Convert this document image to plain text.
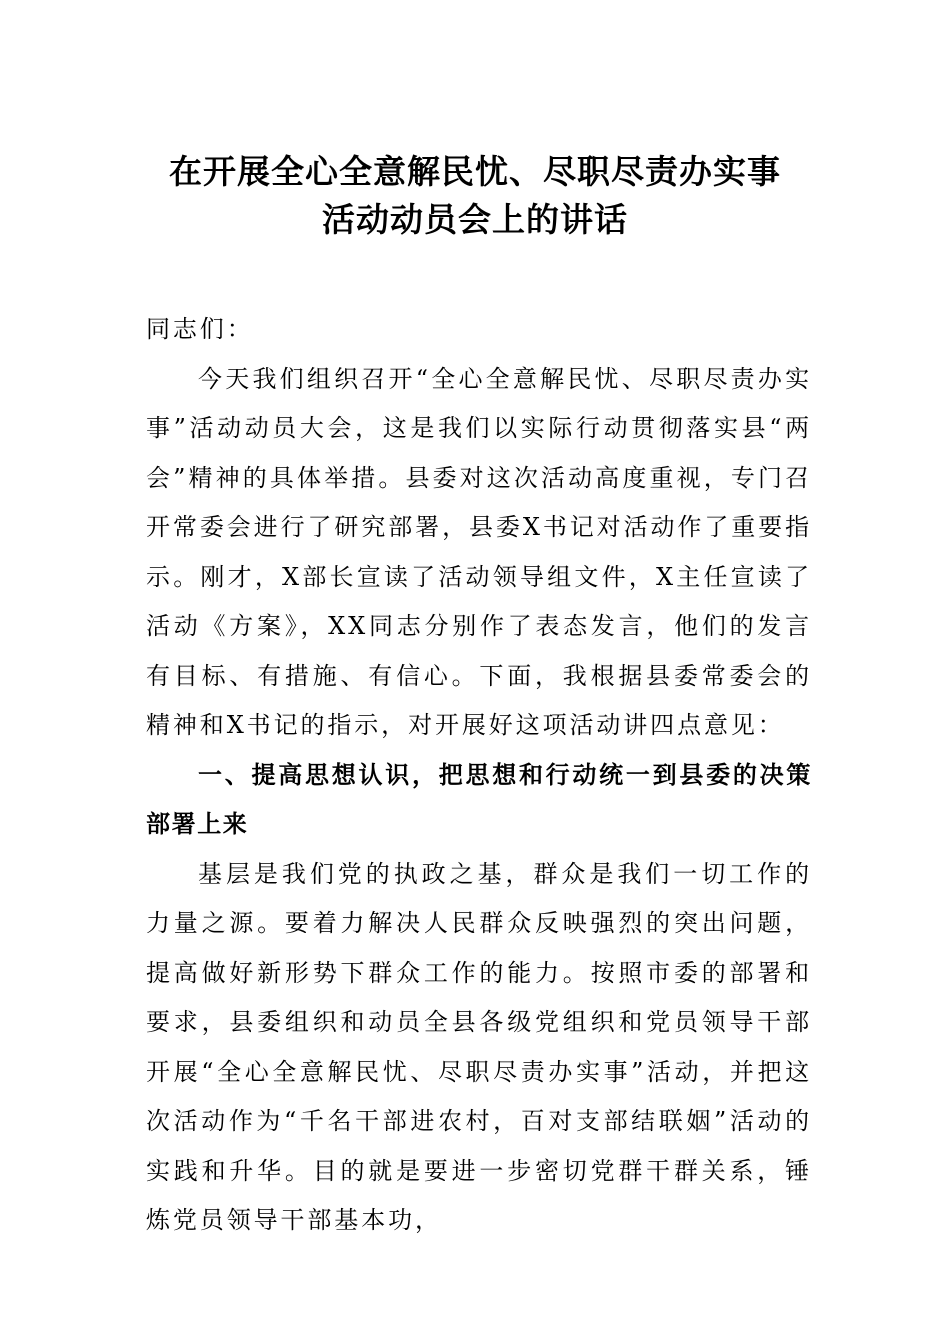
在开展全心全意解民忧、尽职尽责办实事
活动动员会上的讲话

同志们：

今天我们组织召开“全心全意解民忧、尽职尽责办实事”活动动员大会，这是我们以实际行动贯彻落实县“两会”精神的具体举措。县委对这次活动高度重视，专门召开常委会进行了研究部署，县委X书记对活动作了重要指示。刚才，X部长宣读了活动领导组文件，X主任宣读了活动《方案》，XX同志分别作了表态发言，他们的发言有目标、有措施、有信心。下面，我根据县委常委会的精神和X书记的指示，对开展好这项活动讲四点意见：

一、提高思想认识，把思想和行动统一到县委的决策部署上来

基层是我们党的执政之基，群众是我们一切工作的力量之源。要着力解决人民群众反映强烈的突出问题，提高做好新形势下群众工作的能力。按照市委的部署和要求，县委组织和动员全县各级党组织和党员领导干部开展“全心全意解民忧、尽职尽责办实事”活动，并把这次活动作为“千名干部进农村，百对支部结联姻”活动的实践和升华。目的就是要进一步密切党群干群关系，锤炼党员领导干部基本功，
